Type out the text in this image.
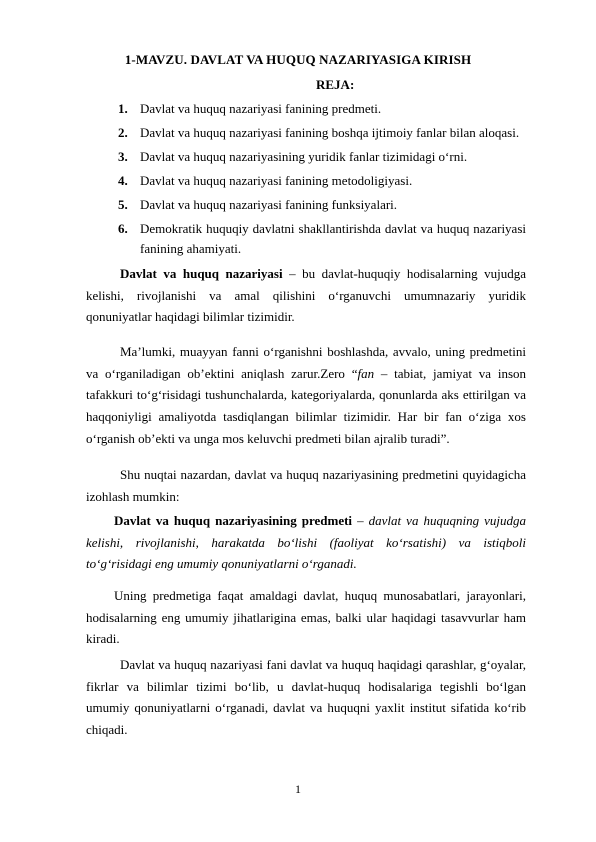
1-MAVZU. DAVLAT VA HUQUQ NAZARIYASIGA KIRISH
REJA:
1. Davlat va huquq nazariyasi fanining predmeti.
2. Davlat va huquq nazariyasi fanining boshqa ijtimoiy fanlar bilan aloqasi.
3. Davlat va huquq nazariyasining yuridik fanlar tizimidagi o‘rni.
4. Davlat va huquq nazariyasi fanining metodoligiyasi.
5. Davlat va huquq nazariyasi fanining funksiyalari.
6. Demokratik huquqiy davlatni shakllantirishda davlat va huquq nazariyasi fanining ahamiyati.

Davlat va huquq nazariyasi – bu davlat-huquqiy hodisalarning vujudga kelishi, rivojlanishi va amal qilishini o‘rganuvchi umumnazariy yuridik qonuniyatlar haqidagi bilimlar tizimidir.

Ma’lumki, muayyan fanni o‘rganishni boshlashda, avvalo, uning predmetini va o‘rganiladigan ob’ektini aniqlash zarur.Zero “fan – tabiat, jamiyat va inson tafakkuri to‘g‘risidagi tushunchalarda, kategoriyalarda, qonunlarda aks ettirilgan va haqqoniyligi amaliyotda tasdiqlangan bilimlar tizimidir. Har bir fan o‘ziga xos o‘rganish ob’ekti va unga mos keluvchi predmeti bilan ajralib turadi”.

Shu nuqtai nazardan, davlat va huquq nazariyasining predmetini quyidagicha izohlash mumkin:

Davlat va huquq nazariyasining predmeti – davlat va huquqning vujudga kelishi, rivojlanishi, harakatda bo‘lishi (faoliyat ko‘rsatishi) va istiqboli to‘g‘risidagi eng umumiy qonuniyatlarni o‘rganadi.

Uning predmetiga faqat amaldagi davlat, huquq munosabatlari, jarayonlari, hodisalarning eng umumiy jihatlarigina emas, balki ular haqidagi tasavvurlar ham kiradi.

Davlat va huquq nazariyasi fani davlat va huquq haqidagi qarashlar, g‘oyalar, fikrlar va bilimlar tizimi bo‘lib, u davlat-huquq hodisalariga tegishli bo‘lgan umumiy qonuniyatlarni o‘rganadi, davlat va huquqni yaxlit institut sifatida ko‘rib chiqadi.

1
